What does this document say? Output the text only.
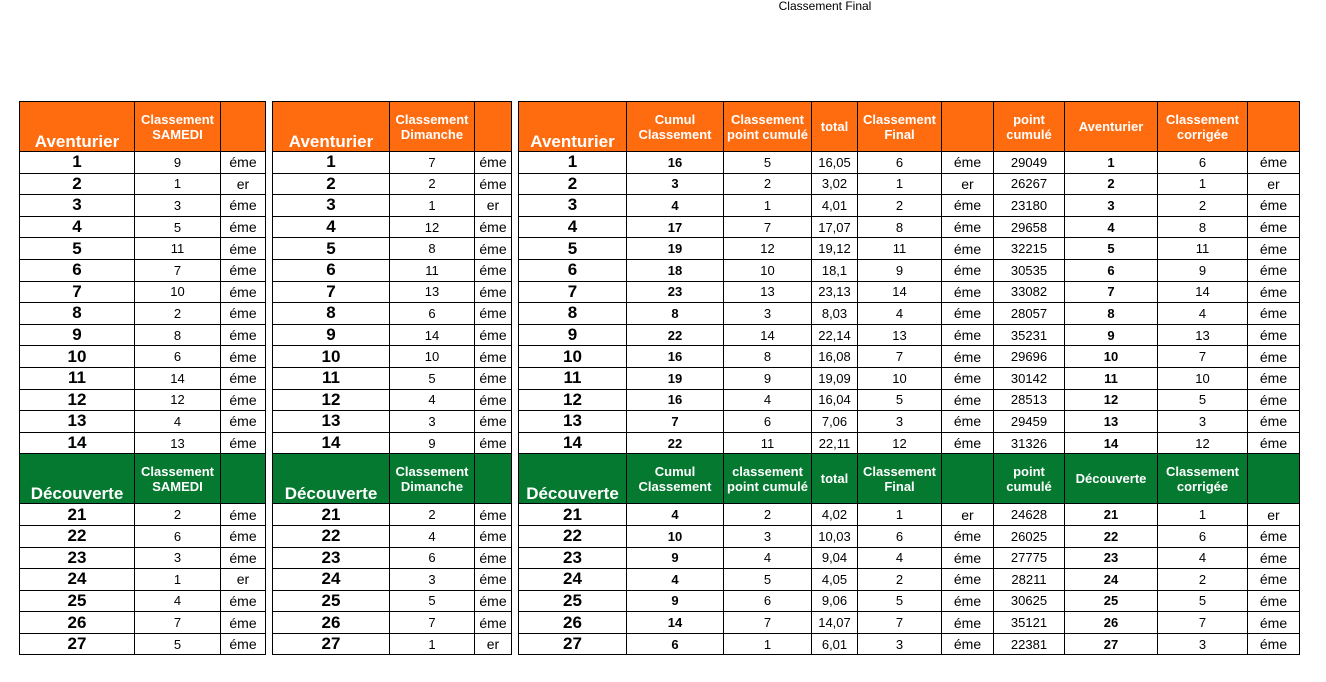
Classement Final
Aventurier	Classement SAMEDI	
1	9	éme
2	1	er
3	3	éme
4	5	éme
5	11	éme
6	7	éme
7	10	éme
8	2	éme
9	8	éme
10	6	éme
11	14	éme
12	12	éme
13	4	éme
14	13	éme
Découverte	Classement SAMEDI	
21	2	éme
22	6	éme
23	3	éme
24	1	er
25	4	éme
26	7	éme
27	5	éme
Aventurier	Classement Dimanche	
1	7	éme
2	2	éme
3	1	er
4	12	éme
5	8	éme
6	11	éme
7	13	éme
8	6	éme
9	14	éme
10	10	éme
11	5	éme
12	4	éme
13	3	éme
14	9	éme
Découverte	Classement Dimanche	
21	2	éme
22	4	éme
23	6	éme
24	3	éme
25	5	éme
26	7	éme
27	1	er
Aventurier	Cumul Classement	Classement point cumulé	total	Classement Final		point cumulé	Aventurier	Classement corrigée	
1	16	5	16,05	6	éme	29049	1	6	éme
2	3	2	3,02	1	er	26267	2	1	er
3	4	1	4,01	2	éme	23180	3	2	éme
4	17	7	17,07	8	éme	29658	4	8	éme
5	19	12	19,12	11	éme	32215	5	11	éme
6	18	10	18,1	9	éme	30535	6	9	éme
7	23	13	23,13	14	éme	33082	7	14	éme
8	8	3	8,03	4	éme	28057	8	4	éme
9	22	14	22,14	13	éme	35231	9	13	éme
10	16	8	16,08	7	éme	29696	10	7	éme
11	19	9	19,09	10	éme	30142	11	10	éme
12	16	4	16,04	5	éme	28513	12	5	éme
13	7	6	7,06	3	éme	29459	13	3	éme
14	22	11	22,11	12	éme	31326	14	12	éme
Découverte	Cumul Classement	classement point cumulé	total	Classement Final		point cumulé	Découverte	Classement corrigée	
21	4	2	4,02	1	er	24628	21	1	er
22	10	3	10,03	6	éme	26025	22	6	éme
23	9	4	9,04	4	éme	27775	23	4	éme
24	4	5	4,05	2	éme	28211	24	2	éme
25	9	6	9,06	5	éme	30625	25	5	éme
26	14	7	14,07	7	éme	35121	26	7	éme
27	6	1	6,01	3	éme	22381	27	3	éme
